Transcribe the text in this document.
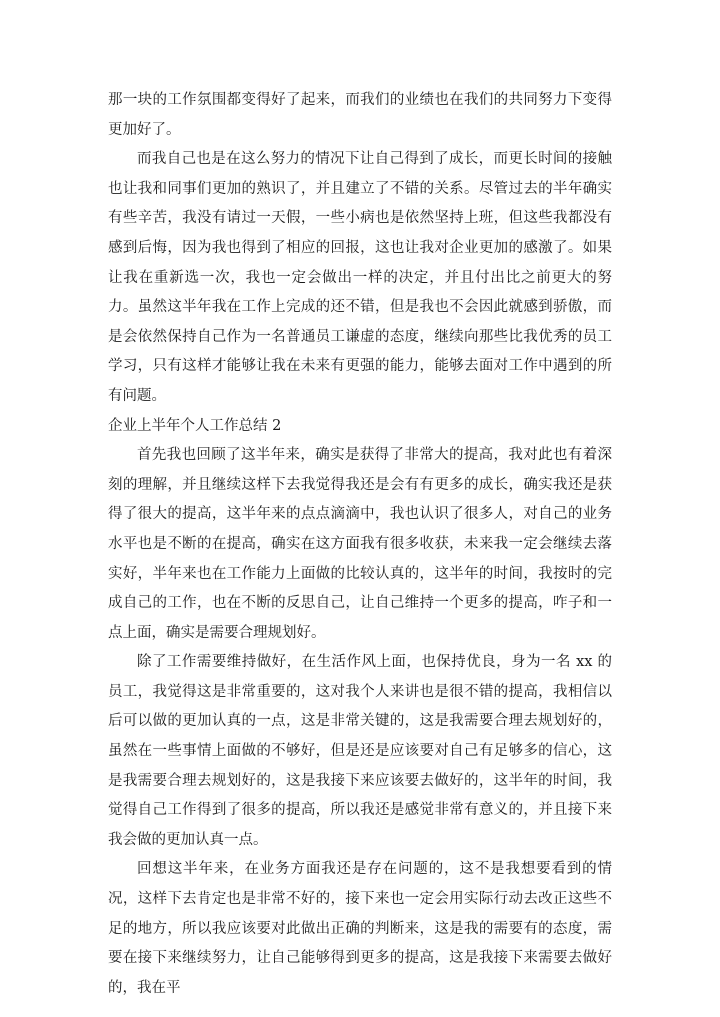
那一块的工作氛围都变得好了起来，而我们的业绩也在我们的共同努力下变得更加好了。

而我自己也是在这么努力的情况下让自己得到了成长，而更长时间的接触也让我和同事们更加的熟识了，并且建立了不错的关系。尽管过去的半年确实有些辛苦，我没有请过一天假，一些小病也是依然坚持上班，但这些我都没有感到后悔，因为我也得到了相应的回报，这也让我对企业更加的感激了。如果让我在重新选一次，我也一定会做出一样的决定，并且付出比之前更大的努力。虽然这半年我在工作上完成的还不错，但是我也不会因此就感到骄傲，而是会依然保持自己作为一名普通员工谦虚的态度，继续向那些比我优秀的员工学习，只有这样才能够让我在未来有更强的能力，能够去面对工作中遇到的所有问题。

企业上半年个人工作总结 2

首先我也回顾了这半年来，确实是获得了非常大的提高，我对此也有着深刻的理解，并且继续这样下去我觉得我还是会有有更多的成长，确实我还是获得了很大的提高，这半年来的点点滴滴中，我也认识了很多人，对自己的业务水平也是不断的在提高，确实在这方面我有很多收获，未来我一定会继续去落实好，半年来也在工作能力上面做的比较认真的，这半年的时间，我按时的完成自己的工作，也在不断的反思自己，让自己维持一个更多的提高，咋子和一点上面，确实是需要合理规划好。

除了工作需要维持做好，在生活作风上面，也保持优良，身为一名 xx 的员工，我觉得这是非常重要的，这对我个人来讲也是很不错的提高，我相信以后可以做的更加认真的一点，这是非常关键的，这是我需要合理去规划好的，虽然在一些事情上面做的不够好，但是还是应该要对自己有足够多的信心，这是我需要合理去规划好的，这是我接下来应该要去做好的，这半年的时间，我觉得自己工作得到了很多的提高，所以我还是感觉非常有意义的，并且接下来我会做的更加认真一点。

回想这半年来，在业务方面我还是存在问题的，这不是我想要看到的情况，这样下去肯定也是非常不好的，接下来也一定会用实际行动去改正这些不足的地方，所以我应该要对此做出正确的判断来，这是我的需要有的态度，需要在接下来继续努力，让自己能够得到更多的提高，这是我接下来需要去做好的，我在平
